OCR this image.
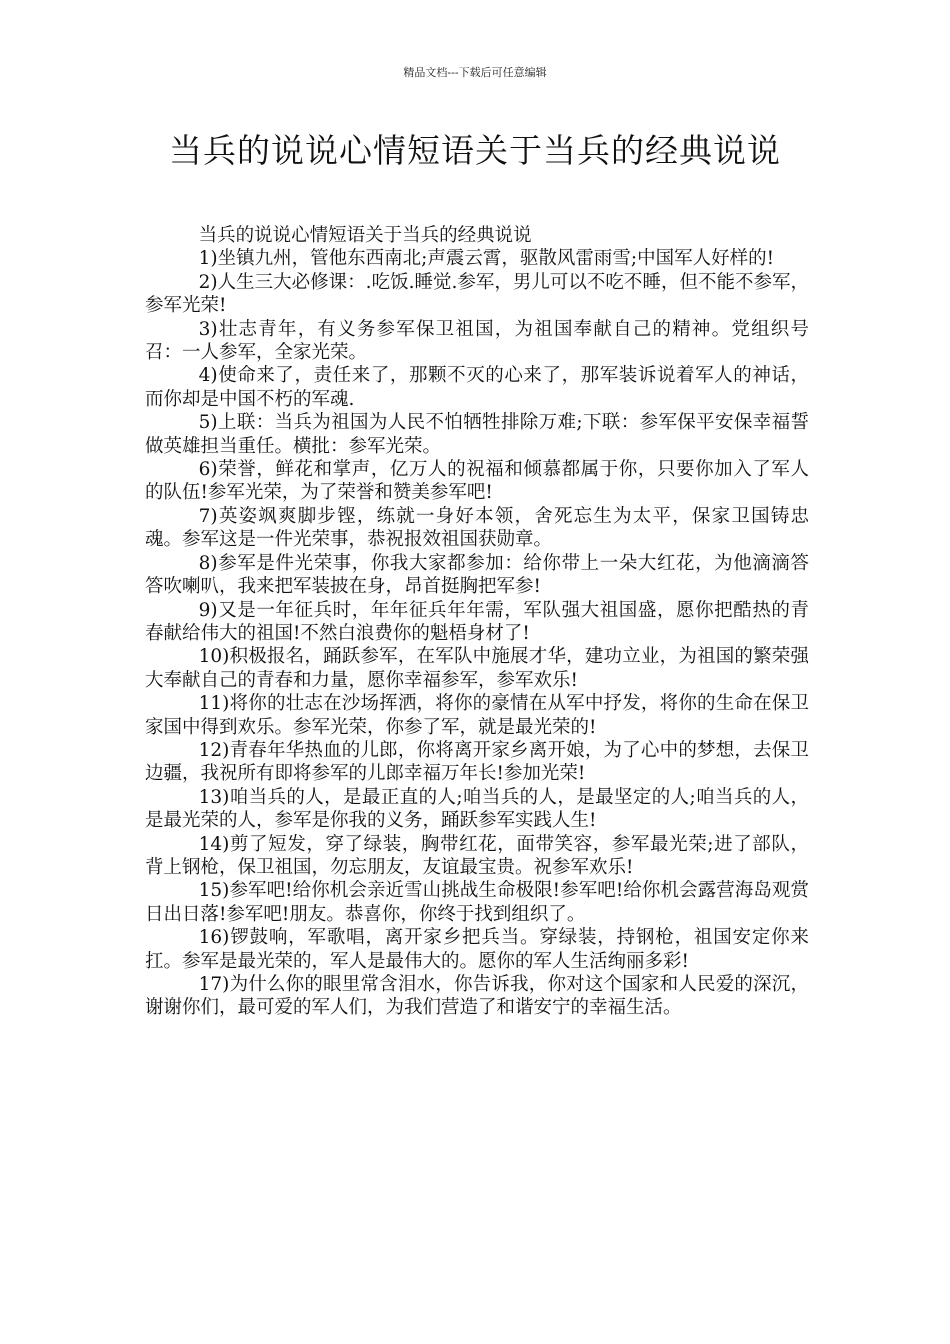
精品文档---下载后可任意编辑
当兵的说说心情短语关于当兵的经典说说

当兵的说说心情短语关于当兵的经典说说

1)坐镇九州，管他东西南北;声震云霄，驱散风雷雨雪;中国军人好样的!

2)人生三大必修课：.吃饭.睡觉.参军，男儿可以不吃不睡，但不能不参军，参军光荣!

3)壮志青年，有义务参军保卫祖国，为祖国奉献自己的精神。党组织号召：一人参军，全家光荣。

4)使命来了，责任来了，那颗不灭的心来了，那军装诉说着军人的神话，而你却是中国不朽的军魂.

5)上联：当兵为祖国为人民不怕牺牲排除万难;下联：参军保平安保幸福誓做英雄担当重任。横批：参军光荣。

6)荣誉，鲜花和掌声，亿万人的祝福和倾慕都属于你，只要你加入了军人的队伍!参军光荣，为了荣誉和赞美参军吧!

7)英姿飒爽脚步铿，练就一身好本领，舍死忘生为太平，保家卫国铸忠魂。参军这是一件光荣事，恭祝报效祖国获勋章。

8)参军是件光荣事，你我大家都参加：给你带上一朵大红花，为他滴滴答答吹喇叭，我来把军装披在身，昂首挺胸把军参!

9)又是一年征兵时，年年征兵年年需，军队强大祖国盛，愿你把酷热的青春献给伟大的祖国!不然白浪费你的魁梧身材了!

10)积极报名，踊跃参军，在军队中施展才华，建功立业，为祖国的繁荣强大奉献自己的青春和力量，愿你幸福参军，参军欢乐!

11)将你的壮志在沙场挥洒，将你的豪情在从军中抒发，将你的生命在保卫家国中得到欢乐。参军光荣，你参了军，就是最光荣的!

12)青春年华热血的儿郎，你将离开家乡离开娘，为了心中的梦想，去保卫边疆，我祝所有即将参军的儿郎幸福万年长!参加光荣!

13)咱当兵的人，是最正直的人;咱当兵的人，是最坚定的人;咱当兵的人，是最光荣的人，参军是你我的义务，踊跃参军实践人生!

14)剪了短发，穿了绿装，胸带红花，面带笑容，参军最光荣;进了部队，背上钢枪，保卫祖国，勿忘朋友，友谊最宝贵。祝参军欢乐!

15)参军吧!给你机会亲近雪山挑战生命极限!参军吧!给你机会露营海岛观赏日出日落!参军吧!朋友。恭喜你，你终于找到组织了。

16)锣鼓响，军歌唱，离开家乡把兵当。穿绿装，持钢枪，祖国安定你来扛。参军是最光荣的，军人是最伟大的。愿你的军人生活绚丽多彩!

17)为什么你的眼里常含泪水，你告诉我，你对这个国家和人民爱的深沉，谢谢你们，最可爱的军人们，为我们营造了和谐安宁的幸福生活。
